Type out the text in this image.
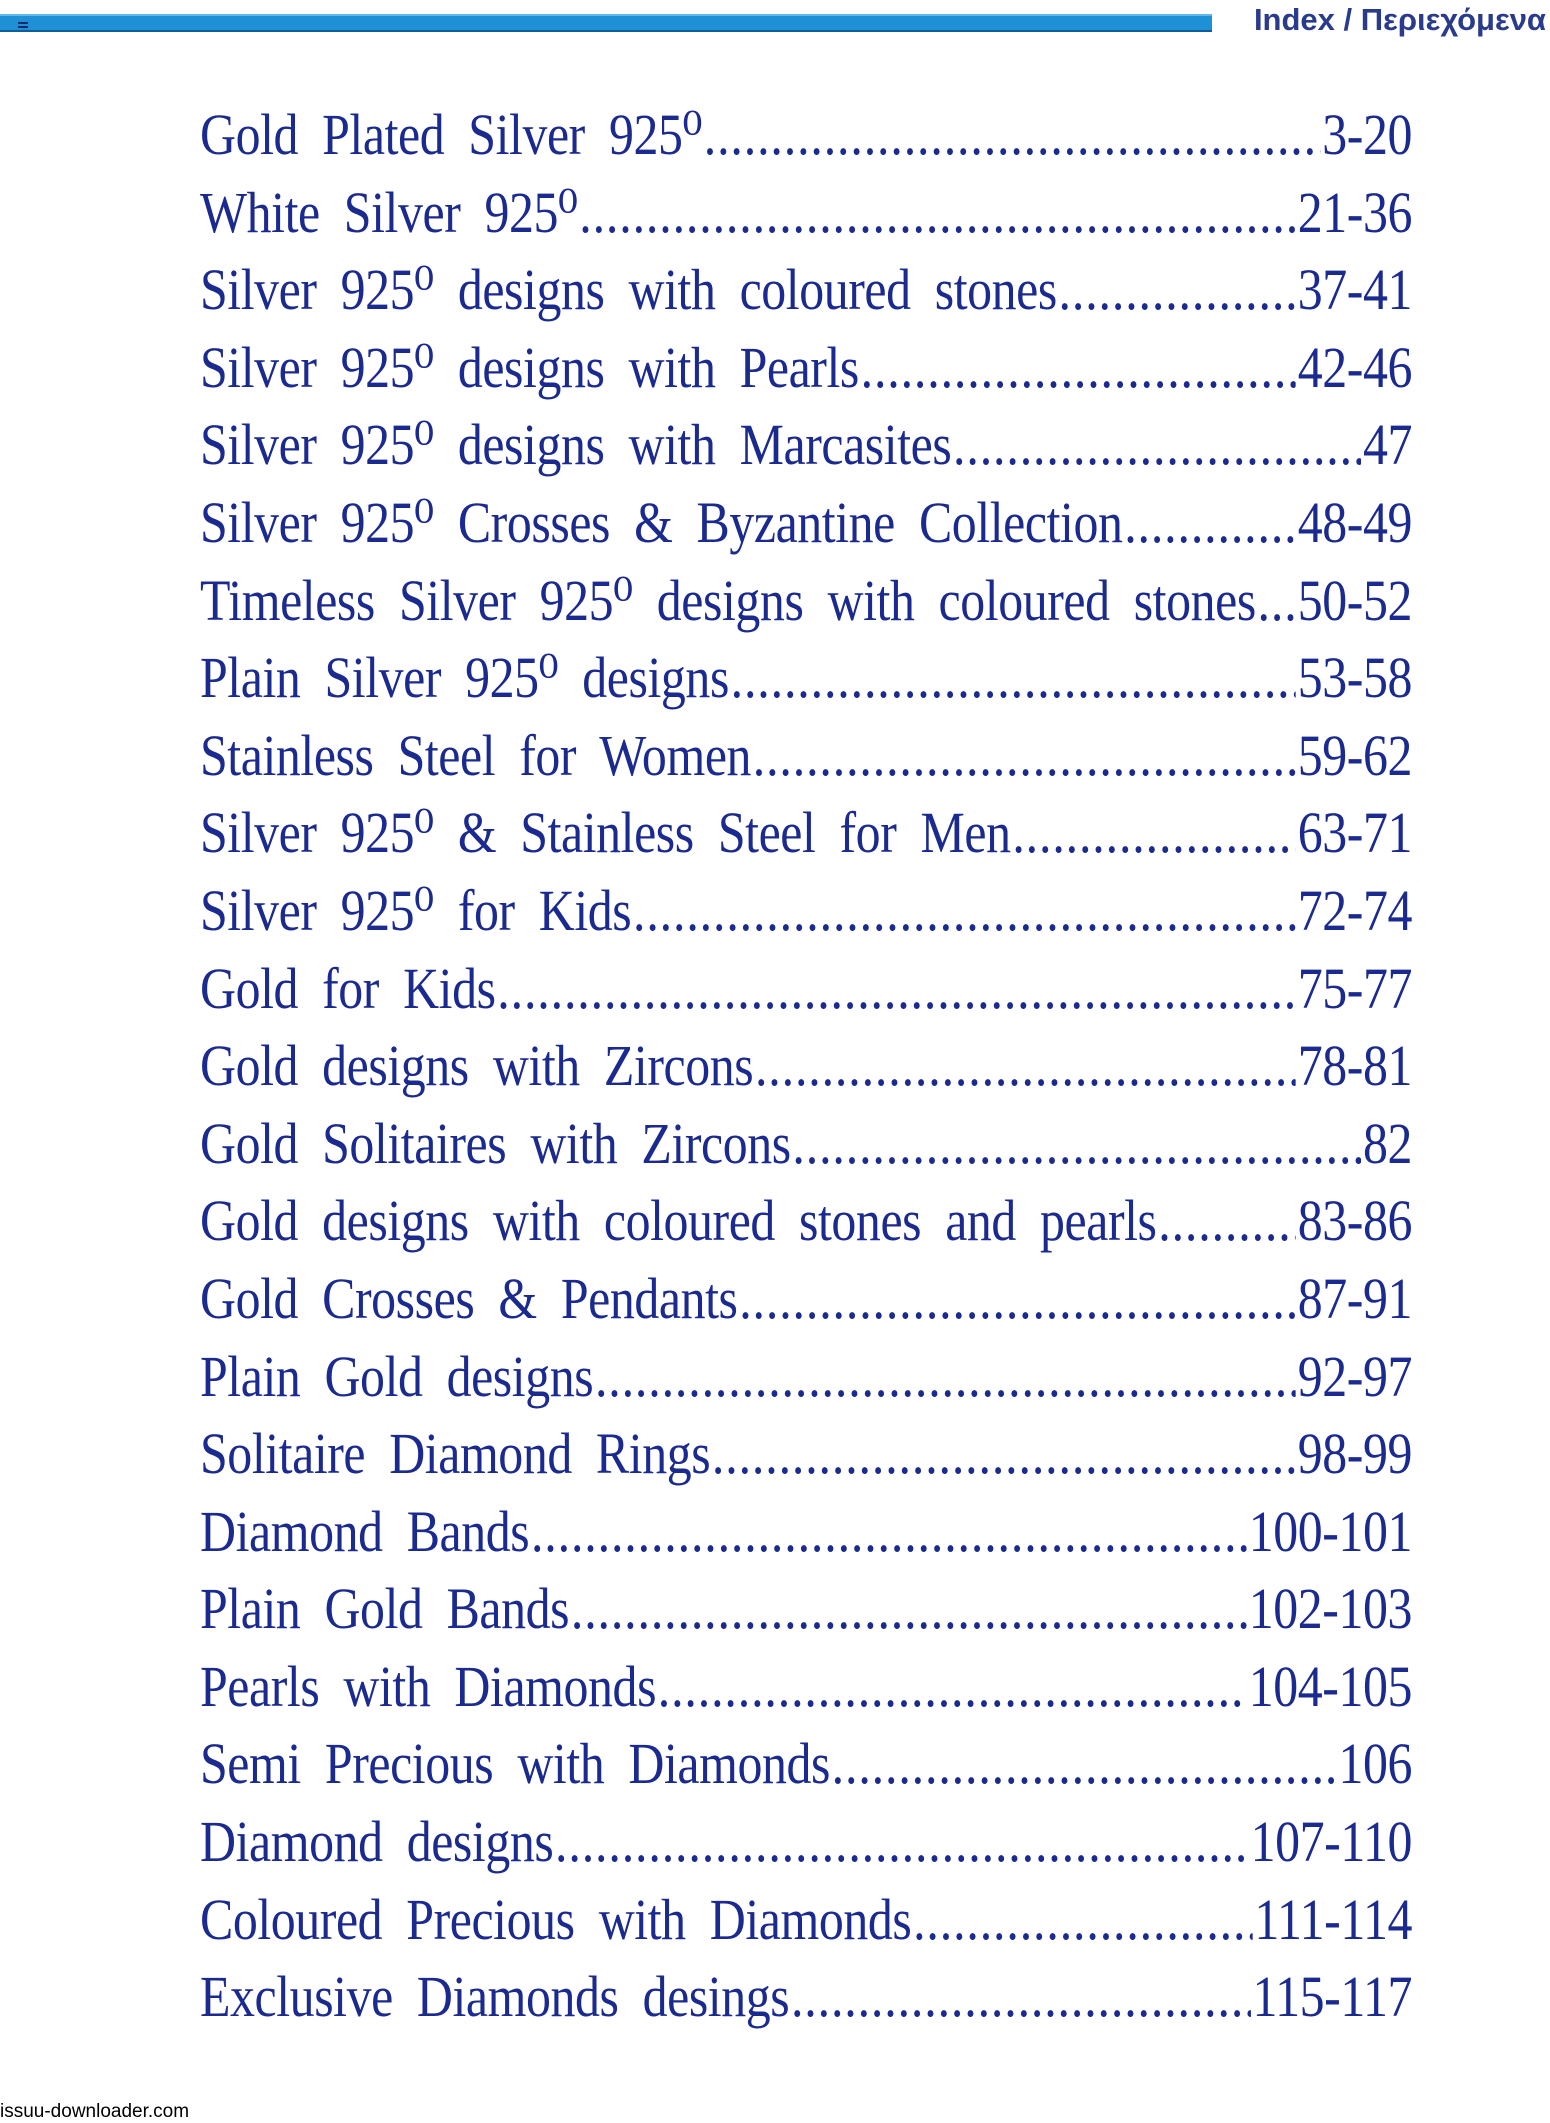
Index / Περιεχόμενα
Gold Plated Silver 925⁰ .....	3-20
White Silver 925⁰ .....	21-36
Silver 925⁰ designs with coloured stones .....	37-41
Silver 925⁰ designs with Pearls .....	42-46
Silver 925⁰ designs with Marcasites .....	47
Silver 925⁰ Crosses & Byzantine Collection .....	48-49
Timeless Silver 925⁰ designs with coloured stones ..... 50-52
Plain Silver 925⁰ designs .....	53-58
Stainless Steel for Women .....	59-62
Silver 925⁰ & Stainless Steel for Men .....	63-71
Silver 925⁰ for Kids .....	72-74
Gold for Kids .....	75-77
Gold designs with Zircons .....	78-81
Gold Solitaires with Zircons .....	82
Gold designs with coloured stones and pearls ..... 83-86
Gold Crosses & Pendants .....	87-91
Plain Gold designs .....	92-97
Solitaire Diamond Rings .....	98-99
Diamond Bands .....	100-101
Plain Gold Bands .....	102-103
Pearls with Diamonds .....	104-105
Semi Precious with Diamonds .....	106
Diamond designs .....	107-110
Coloured Precious with Diamonds .....	111-114
Exclusive Diamonds desings .....	115-117
issuu-downloader.com
